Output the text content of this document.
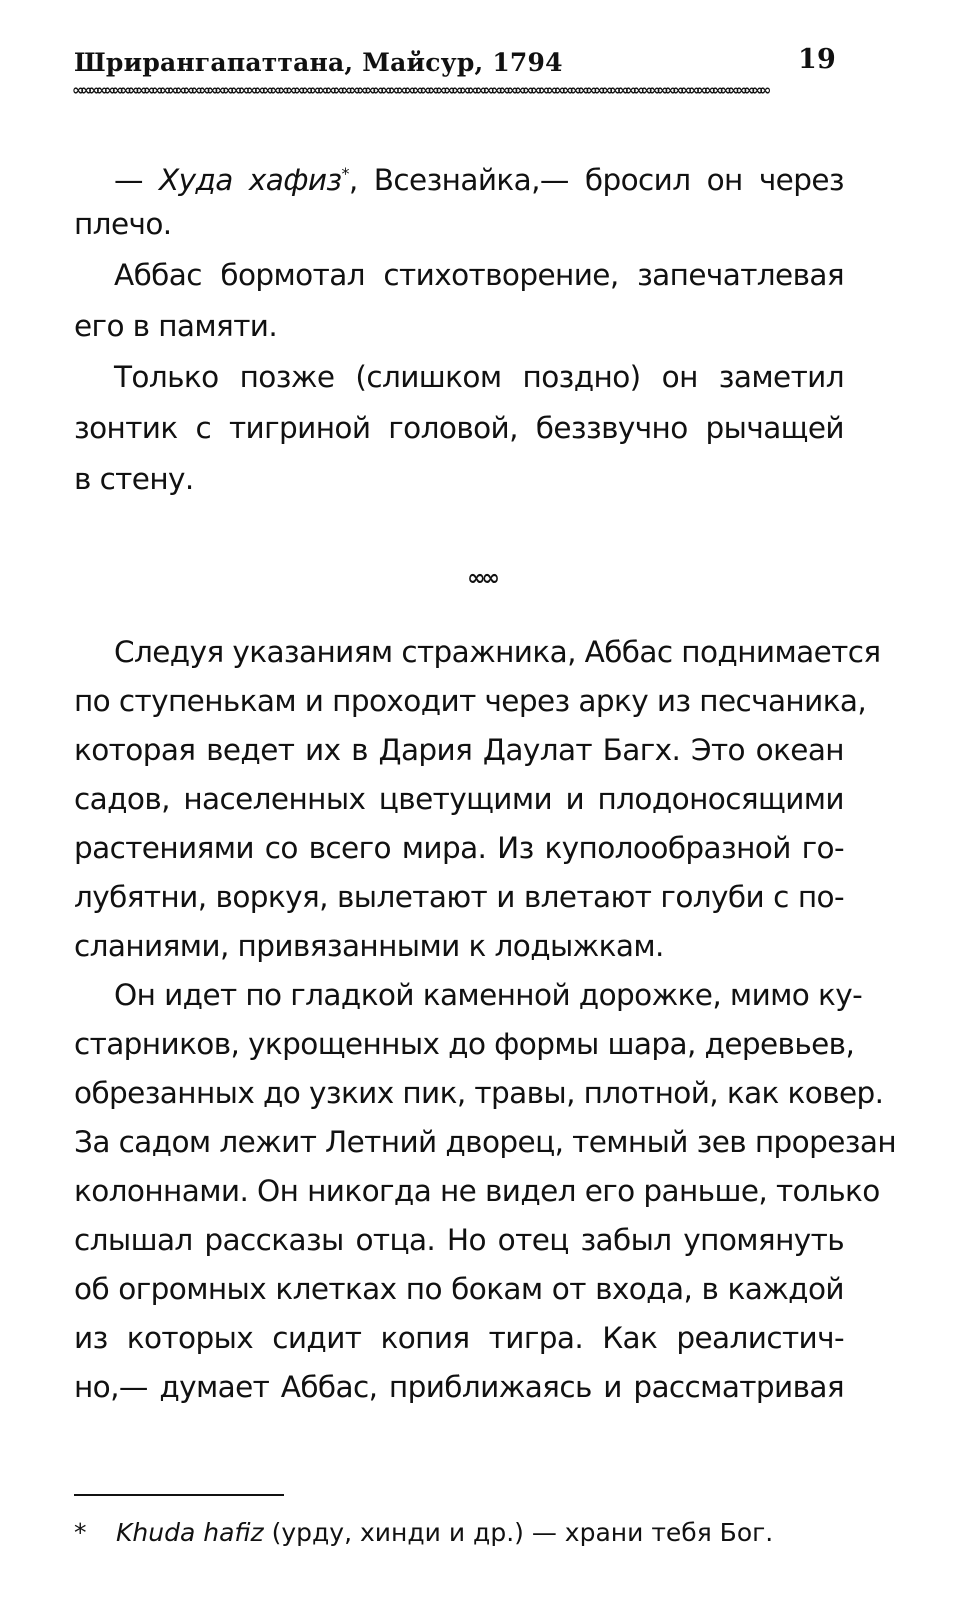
Шрирангапаттана, Майсур, 1794	19
∞∞∞∞∞∞∞∞∞∞∞∞∞∞∞∞∞∞∞∞∞∞∞∞∞∞∞∞∞∞∞∞∞∞∞∞∞∞∞∞∞∞∞∞∞∞∞∞∞∞∞∞∞∞∞∞∞∞∞∞∞∞∞∞∞∞∞∞∞∞∞∞∞∞∞∞∞∞∞∞∞∞∞∞∞∞∞∞
— Худа хафиз*, Всезнайка,— бросил он через
плечо.
Аббас бормотал стихотворение, запечатлевая
его в памяти.
Только позже (слишком поздно) он заметил
зонтик с тигриной головой, беззвучно рычащей
в стену.
∞∞
Следуя указаниям стражника, Аббас поднимается
по ступенькам и проходит через арку из песчаника,
которая ведет их в Дария Даулат Багх. Это океан
садов, населенных цветущими и плодоносящими
растениями со всего мира. Из куполообразной го-
лубятни, воркуя, вылетают и влетают голуби с по-
сланиями, привязанными к лодыжкам.
Он идет по гладкой каменной дорожке, мимо ку-
старников, укрощенных до формы шара, деревьев,
обрезанных до узких пик, травы, плотной, как ковер.
За садом лежит Летний дворец, темный зев прорезан
колоннами. Он никогда не видел его раньше, только
слышал рассказы отца. Но отец забыл упомянуть
об огромных клетках по бокам от входа, в каждой
из которых сидит копия тигра. Как реалистич-
но,— думает Аббас, приближаясь и рассматривая
* Khuda hafiz (урду, хинди и др.) — храни тебя Бог.
